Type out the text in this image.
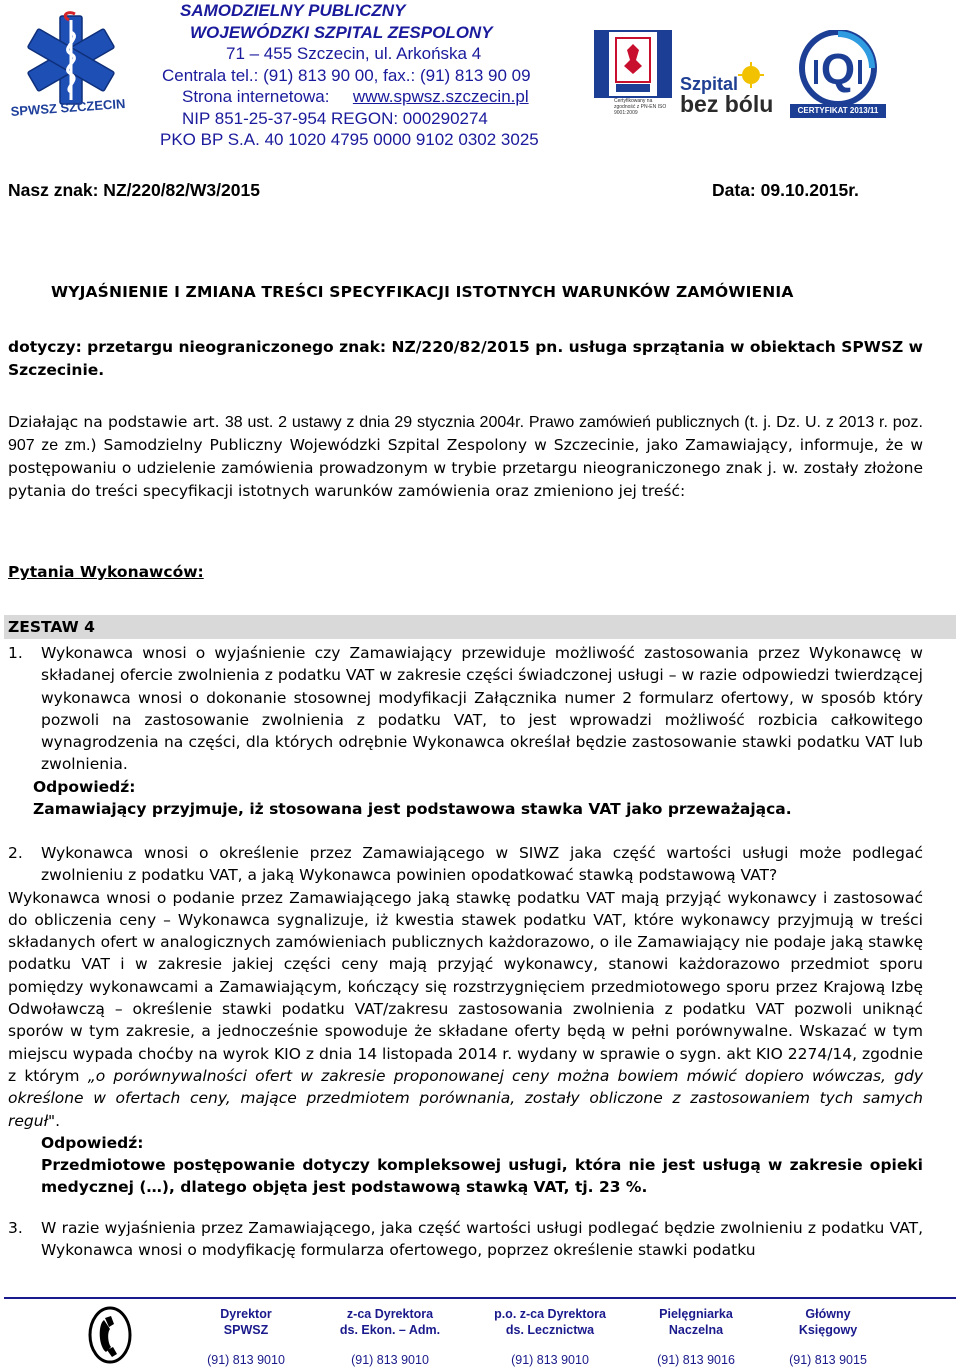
SPWSZ SZCZECIN
SAMODZIELNY PUBLICZNY
WOJEWÓDZKI SZPITAL ZESPOLONY
71 – 455 Szczecin, ul. Arkońska 4
Centrala tel.: (91) 813 90 00, fax.: (91) 813 90 09
Strona internetowa: www.spwsz.szczecin.pl
NIP 851-25-37-954 REGON: 000290274
PKO BP S.A. 40 1020 4795 0000 9102 0302 3025
Certyfikowany na zgodność z PN-EN ISO 9001:2009
Szpital
bez bólu
Q
CERTYFIKAT 2013/11
Nasz znak: NZ/220/82/W3/2015	Data: 09.10.2015r.
WYJAŚNIENIE I ZMIANA TREŚCI SPECYFIKACJI ISTOTNYCH WARUNKÓW ZAMÓWIENIA
dotyczy: przetargu nieograniczonego znak: NZ/220/82/2015 pn. usługa sprzątania w obiektach SPWSZ w Szczecinie.

Działając na podstawie art. 38 ust. 2 ustawy z dnia 29 stycznia 2004r. Prawo zamówień publicznych (t. j. Dz. U. z 2013 r. poz. 907 ze zm.) Samodzielny Publiczny Wojewódzki Szpital Zespolony w Szczecinie, jako Zamawiający, informuje, że w postępowaniu o udzielenie zamówienia prowadzonym w trybie przetargu nieograniczonego znak j. w. zostały złożone pytania do treści specyfikacji istotnych warunków zamówienia oraz zmieniono jej treść:

Pytania Wykonawców:
ZESTAW 4
1. Wykonawca wnosi o wyjaśnienie czy Zamawiający przewiduje możliwość zastosowania przez Wykonawcę w składanej ofercie zwolnienia z podatku VAT w zakresie części świadczonej usługi – w razie odpowiedzi twierdzącej wykonawca wnosi o dokonanie stosownej modyfikacji Załącznika numer 2 formularz ofertowy, w sposób który pozwoli na zastosowanie zwolnienia z podatku VAT, to jest wprowadzi możliwość rozbicia całkowitego wynagrodzenia na części, dla których odrębnie Wykonawca określał będzie zastosowanie stawki podatku VAT lub zwolnienia.
Odpowiedź:
Zamawiający przyjmuje, iż stosowana jest podstawowa stawka VAT jako przeważająca.
2. Wykonawca wnosi o określenie przez Zamawiającego w SIWZ jaka część wartości usługi może podlegać zwolnieniu z podatku VAT, a jaką Wykonawca powinien opodatkować stawką podstawową VAT?
Wykonawca wnosi o podanie przez Zamawiającego jaką stawkę podatku VAT mają przyjąć wykonawcy i zastosować do obliczenia ceny – Wykonawca sygnalizuje, iż kwestia stawek podatku VAT, które wykonawcy przyjmują w treści składanych ofert w analogicznych zamówieniach publicznych każdorazowo, o ile Zamawiający nie podaje jaką stawkę podatku VAT i w zakresie jakiej części ceny mają przyjąć wykonawcy, stanowi każdorazowo przedmiot sporu pomiędzy wykonawcami a Zamawiającym, kończący się rozstrzygnięciem przedmiotowego sporu przez Krajową Izbę Odwoławczą – określenie stawki podatku VAT/zakresu zastosowania zwolnienia z podatku VAT pozwoli uniknąć sporów w tym zakresie, a jednocześnie spowoduje że składane oferty będą w pełni porównywalne. Wskazać w tym miejscu wypada choćby na wyrok KIO z dnia 14 listopada 2014 r. wydany w sprawie o sygn. akt KIO 2274/14, zgodnie z którym „o porównywalności ofert w zakresie proponowanej ceny można bowiem mówić dopiero wówczas, gdy określone w ofertach ceny, mające przedmiotem porównania, zostały obliczone z zastosowaniem tych samych reguł".
Odpowiedź:
Przedmiotowe postępowanie dotyczy kompleksowej usługi, która nie jest usługą w zakresie opieki medycznej (…), dlatego objęta jest podstawową stawką VAT, tj. 23 %.
3. W razie wyjaśnienia przez Zamawiającego, jaka część wartości usługi podlegać będzie zwolnieniu z podatku VAT, Wykonawca wnosi o modyfikację formularza ofertowego, poprzez określenie stawki podatku
Dyrektor
SPWSZ
(91) 813 9010
z-ca Dyrektora
ds. Ekon. – Adm.
(91) 813 9010
p.o. z-ca Dyrektora
ds. Lecznictwa
(91) 813 9010
Pielęgniarka
Naczelna
(91) 813 9016
Główny
Księgowy
(91) 813 9015
